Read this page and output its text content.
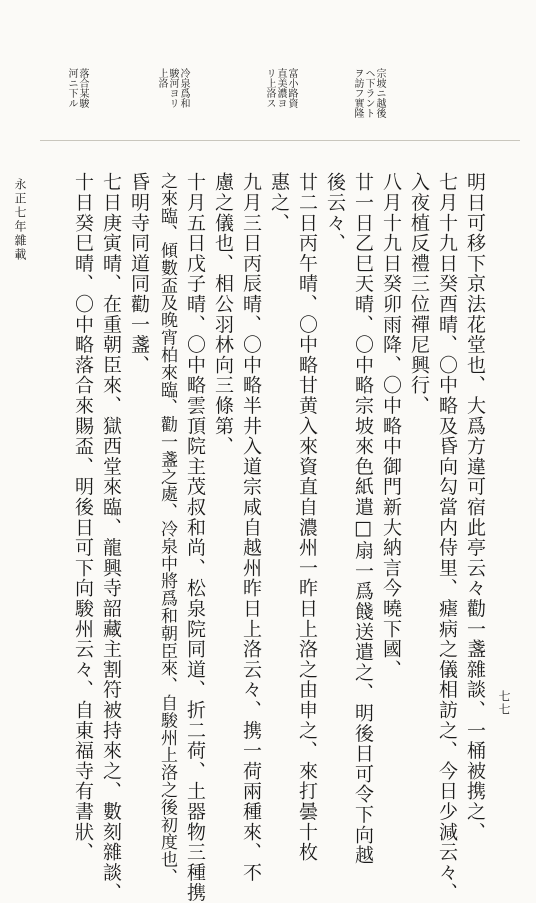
宗坡ニ越後
ヘ下ラント
ヲ訪フ實隆
富小路資
直美濃ヨ
リ上洛ス
冷泉爲和
駿河ヨリ
上洛
落合某駿
河ニ下ル
明日可移下京法花堂也、大爲方違可宿此亭云々勸一盞雜談、一桶被携之、
七月十九日癸酉晴、〇中略及昏向勾當内侍里、瘧病之儀相訪之、今日少減云々、
入夜植反禮三位禪尼興行、
八月十九日癸卯雨降、〇中略中御門新大納言今曉下國、
廿一日乙巳天晴、〇中略宗坡來色紙遣□扇一爲餞送遣之、明後日可令下向越
後云々、
廿二日丙午晴、〇中略甘黄入來資直自濃州一昨日上洛之由申之、來打曇十枚
惠之、
九月三日丙辰晴、〇中略半井入道宗咸自越州昨日上洛云々、携一荷兩種來、不
慮之儀也、相公羽林向三條第、
十月五日戊子晴、〇中略雲頂院主茂叔和尚、松泉院同道、折二荷、土器物三種携
之來臨、傾數盃及晚宵柏來臨、勸一盞之處、冷泉中將爲和朝臣來、自駿州上洛之後初度也、
昏明寺同道同勸一盞、
七日庚寅晴、在重朝臣來、獄西堂來臨、龍興寺韶藏主割符被持來之、數刻雜談、
十日癸巳晴、〇中略落合來賜盃、明後日可下向駿州云々、自東福寺有書狀、
永正七年雜載
七七
